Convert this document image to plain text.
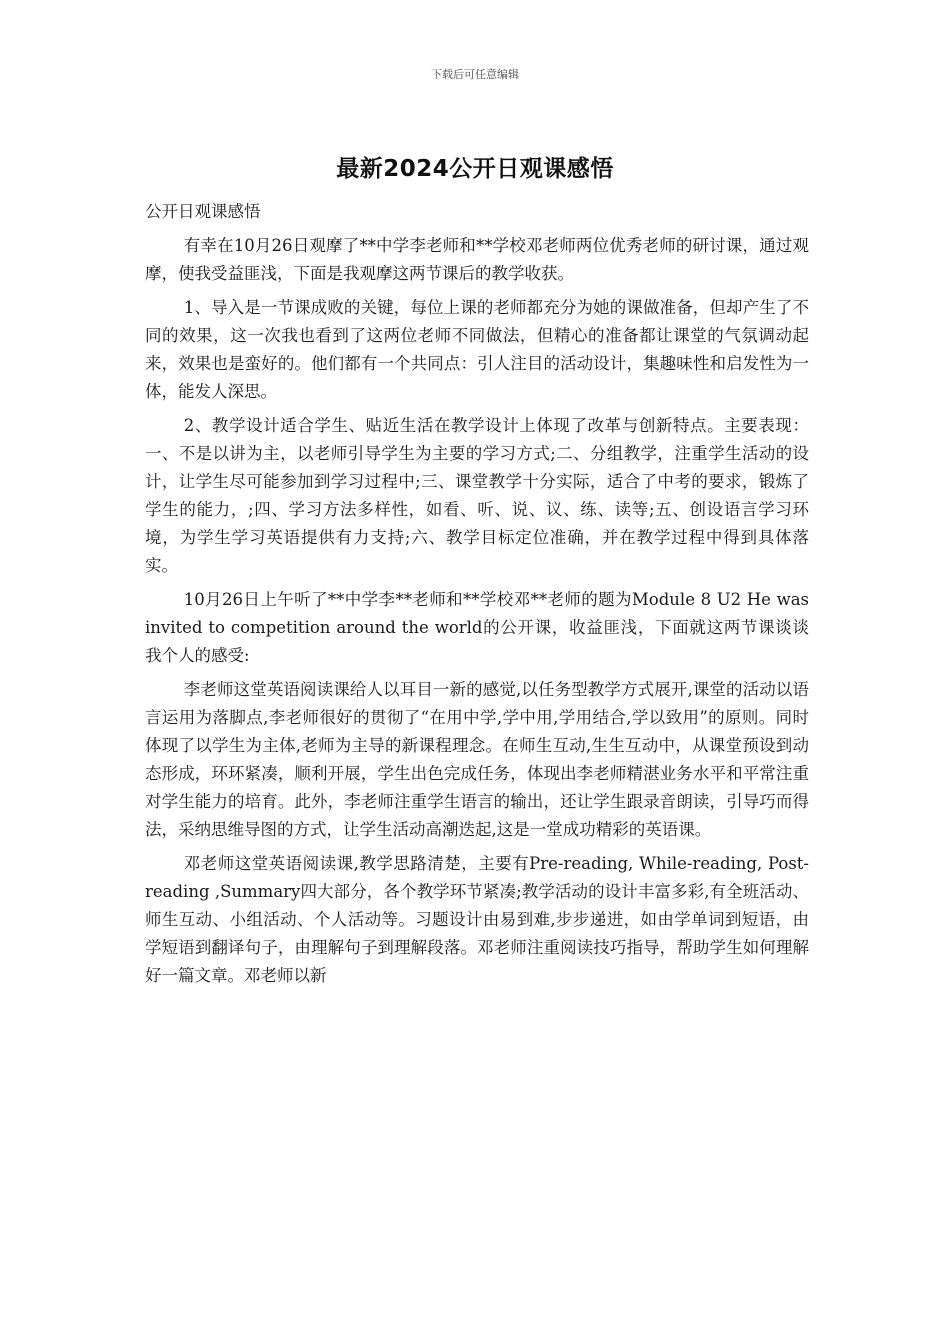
下载后可任意编辑
最新2024公开日观课感悟

公开日观课感悟

有幸在10月26日观摩了**中学李老师和**学校邓老师两位优秀老师的研讨课，通过观摩，使我受益匪浅，下面是我观摩这两节课后的教学收获。

1、导入是一节课成败的关键，每位上课的老师都充分为她的课做准备，但却产生了不同的效果，这一次我也看到了这两位老师不同做法，但精心的准备都让课堂的气氛调动起来，效果也是蛮好的。他们都有一个共同点：引人注目的活动设计，集趣味性和启发性为一体，能发人深思。

2、教学设计适合学生、贴近生活在教学设计上体现了改革与创新特点。主要表现：一、不是以讲为主，以老师引导学生为主要的学习方式;二、分组教学，注重学生活动的设计，让学生尽可能参加到学习过程中;三、课堂教学十分实际，适合了中考的要求，锻炼了学生的能力，;四、学习方法多样性，如看、听、说、议、练、读等;五、创设语言学习环境，为学生学习英语提供有力支持;六、教学目标定位准确，并在教学过程中得到具体落实。

10月26日上午听了**中学李**老师和**学校邓**老师的题为Module 8 U2 He was invited to competition around the world的公开课，收益匪浅，下面就这两节课谈谈我个人的感受:

李老师这堂英语阅读课给人以耳目一新的感觉,以任务型教学方式展开,课堂的活动以语言运用为落脚点,李老师很好的贯彻了“在用中学,学中用,学用结合,学以致用”的原则。同时体现了以学生为主体,老师为主导的新课程理念。在师生互动,生生互动中，从课堂预设到动态形成，环环紧凑，顺利开展，学生出色完成任务，体现出李老师精湛业务水平和平常注重对学生能力的培育。此外，李老师注重学生语言的输出，还让学生跟录音朗读，引导巧而得法，采纳思维导图的方式，让学生活动高潮迭起,这是一堂成功精彩的英语课。

邓老师这堂英语阅读课,教学思路清楚，主要有Pre-reading, While-reading, Post-reading ,Summary四大部分，各个教学环节紧凑;教学活动的设计丰富多彩,有全班活动、师生互动、小组活动、个人活动等。习题设计由易到难,步步递进，如由学单词到短语，由学短语到翻译句子，由理解句子到理解段落。邓老师注重阅读技巧指导，帮助学生如何理解好一篇文章。邓老师以新
